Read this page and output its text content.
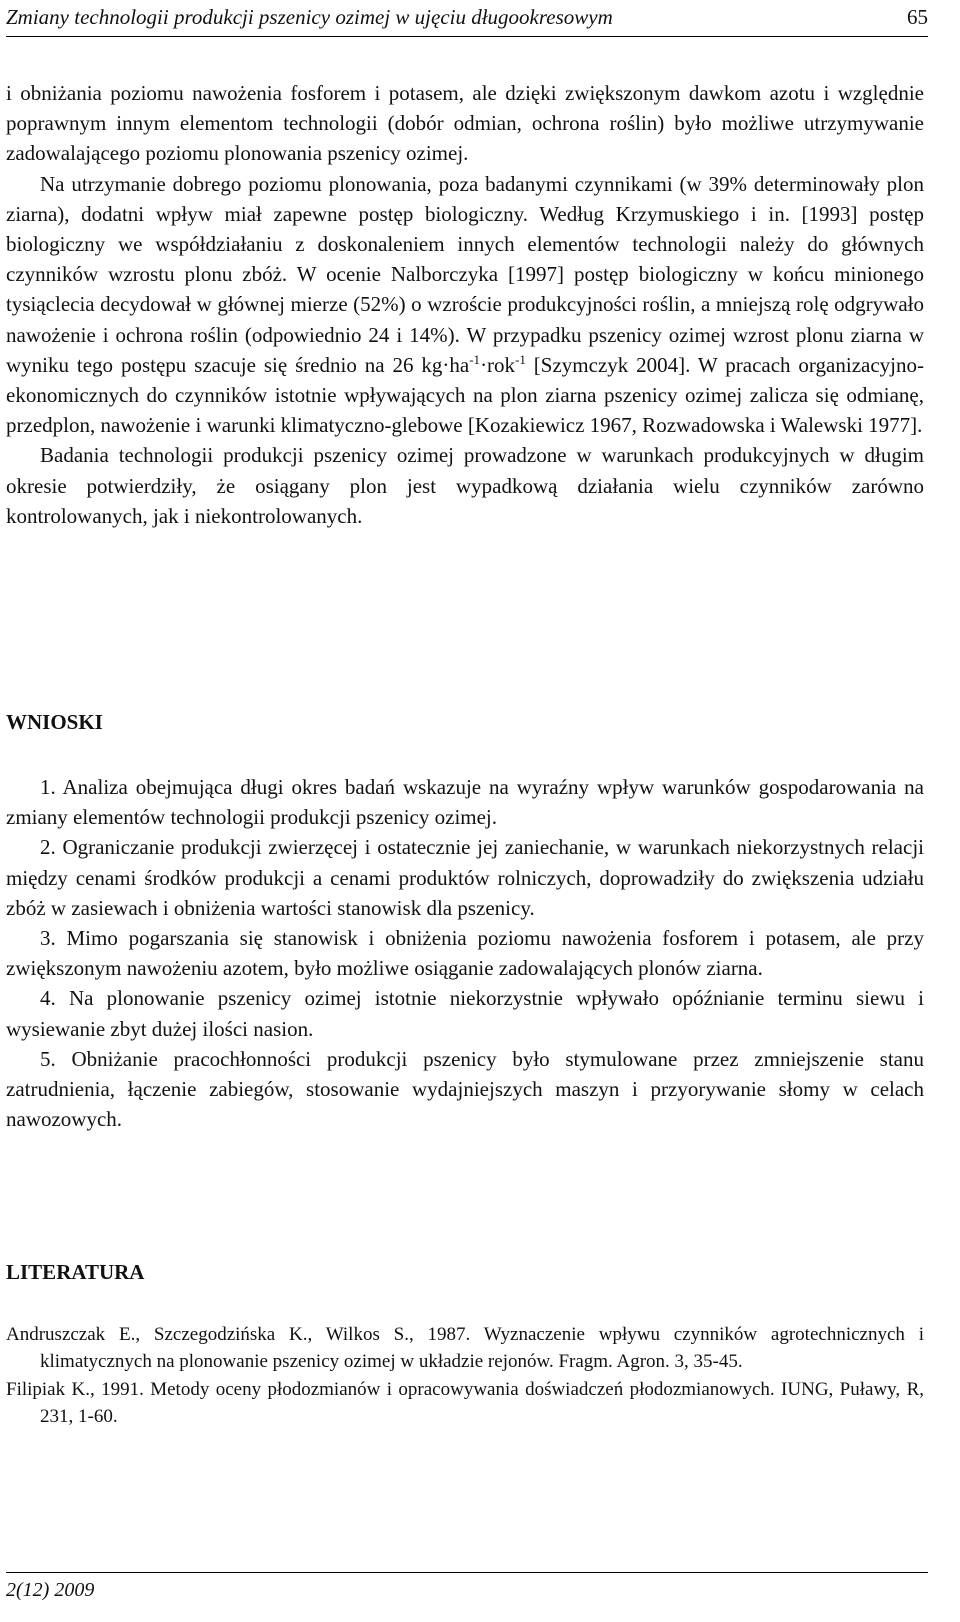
Zmiany technologii produkcji pszenicy ozimej w ujęciu długookresowym	65

i obniżania poziomu nawożenia fosforem i potasem, ale dzięki zwiększonym dawkom azotu i względnie poprawnym innym elementom technologii (dobór odmian, ochrona roślin) było możliwe utrzymywanie zadowalającego poziomu plonowania pszenicy ozimej.

Na utrzymanie dobrego poziomu plonowania, poza badanymi czynnikami (w 39% determinowały plon ziarna), dodatni wpływ miał zapewne postęp biologiczny. Według Krzymuskiego i in. [1993] postęp biologiczny we współdziałaniu z doskonaleniem innych elementów technologii należy do głównych czynników wzrostu plonu zbóż. W ocenie Nalborczyka [1997] postęp biologiczny w końcu minionego tysiąclecia decydował w głównej mierze (52%) o wzroście produkcyjności roślin, a mniejszą rolę odgrywało nawożenie i ochrona roślin (odpowiednio 24 i 14%). W przypadku pszenicy ozimej wzrost plonu ziarna w wyniku tego postępu szacuje się średnio na 26 $kg\cdot ha^{-1}\cdot rok^{-1}$ [Szymczyk 2004]. W pracach organizacyjno-ekonomicznych do czynników istotnie wpływających na plon ziarna pszenicy ozimej zalicza się odmianę, przedplon, nawożenie i warunki klimatyczno-glebowe [Kozakiewicz 1967, Rozwadowska i Walewski 1977].

Badania technologii produkcji pszenicy ozimej prowadzone w warunkach produkcyjnych w długim okresie potwierdziły, że osiągany plon jest wypadkową działania wielu czynników zarówno kontrolowanych, jak i niekontrolowanych.

WNIOSKI

1. Analiza obejmująca długi okres badań wskazuje na wyraźny wpływ warunków gospodarowania na zmiany elementów technologii produkcji pszenicy ozimej.

2. Ograniczanie produkcji zwierzęcej i ostatecznie jej zaniechanie, w warunkach niekorzystnych relacji między cenami środków produkcji a cenami produktów rolniczych, doprowadziły do zwiększenia udziału zbóż w zasiewach i obniżenia wartości stanowisk dla pszenicy.

3. Mimo pogarszania się stanowisk i obniżenia poziomu nawożenia fosforem i potasem, ale przy zwiększonym nawożeniu azotem, było możliwe osiąganie zadowalających plonów ziarna.

4. Na plonowanie pszenicy ozimej istotnie niekorzystnie wpływało opóźnianie terminu siewu i wysiewanie zbyt dużej ilości nasion.

5. Obniżanie pracochłonności produkcji pszenicy było stymulowane przez zmniejszenie stanu zatrudnienia, łączenie zabiegów, stosowanie wydajniejszych maszyn i przyorywanie słomy w celach nawozowych.

LITERATURA

Andruszczak E., Szczegodzińska K., Wilkos S., 1987. Wyznaczenie wpływu czynników agrotechnicznych i klimatycznych na plonowanie pszenicy ozimej w układzie rejonów. Fragm. Agron. 3, 35-45.

Filipiak K., 1991. Metody oceny płodozmianów i opracowywania doświadczeń płodozmianowych. IUNG, Puławy, R, 231, 1-60.

2(12) 2009
